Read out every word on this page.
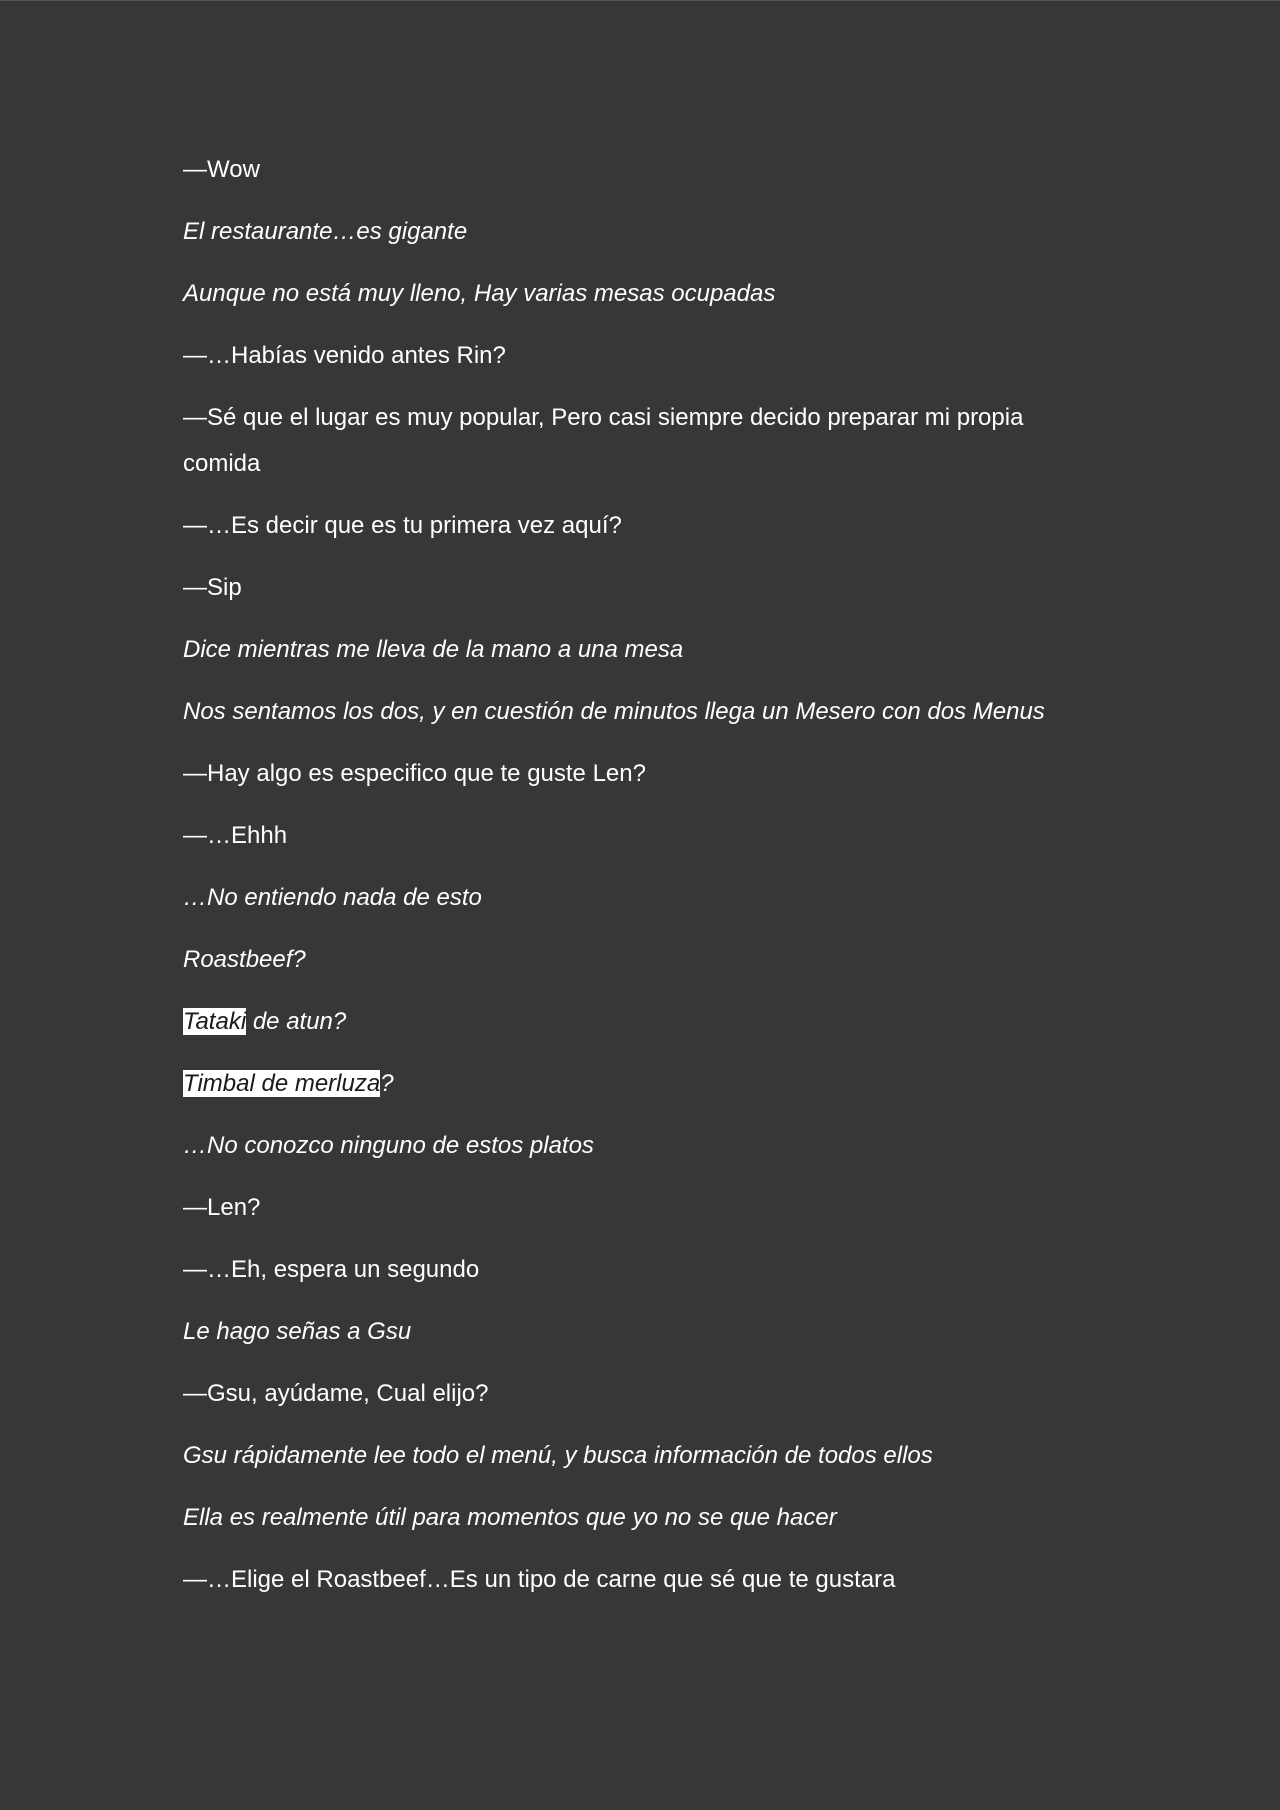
—Wow

El restaurante…es gigante

Aunque no está muy lleno, Hay varias mesas ocupadas

—…Habías venido antes Rin?

—Sé que el lugar es muy popular, Pero casi siempre decido preparar mi propia comida

—…Es decir que es tu primera vez aquí?

—Sip

Dice mientras me lleva de la mano a una mesa

Nos sentamos los dos, y en cuestión de minutos llega un Mesero con dos Menus

—Hay algo es especifico que te guste Len?

—…Ehhh

…No entiendo nada de esto

Roastbeef?

Tataki de atun?

Timbal de merluza?

…No conozco ninguno de estos platos

—Len?

—…Eh, espera un segundo

Le hago señas a Gsu

—Gsu, ayúdame, Cual elijo?

Gsu rápidamente lee todo el menú, y busca información de todos ellos

Ella es realmente útil para momentos que yo no se que hacer

—…Elige el Roastbeef…Es un tipo de carne que sé que te gustara
